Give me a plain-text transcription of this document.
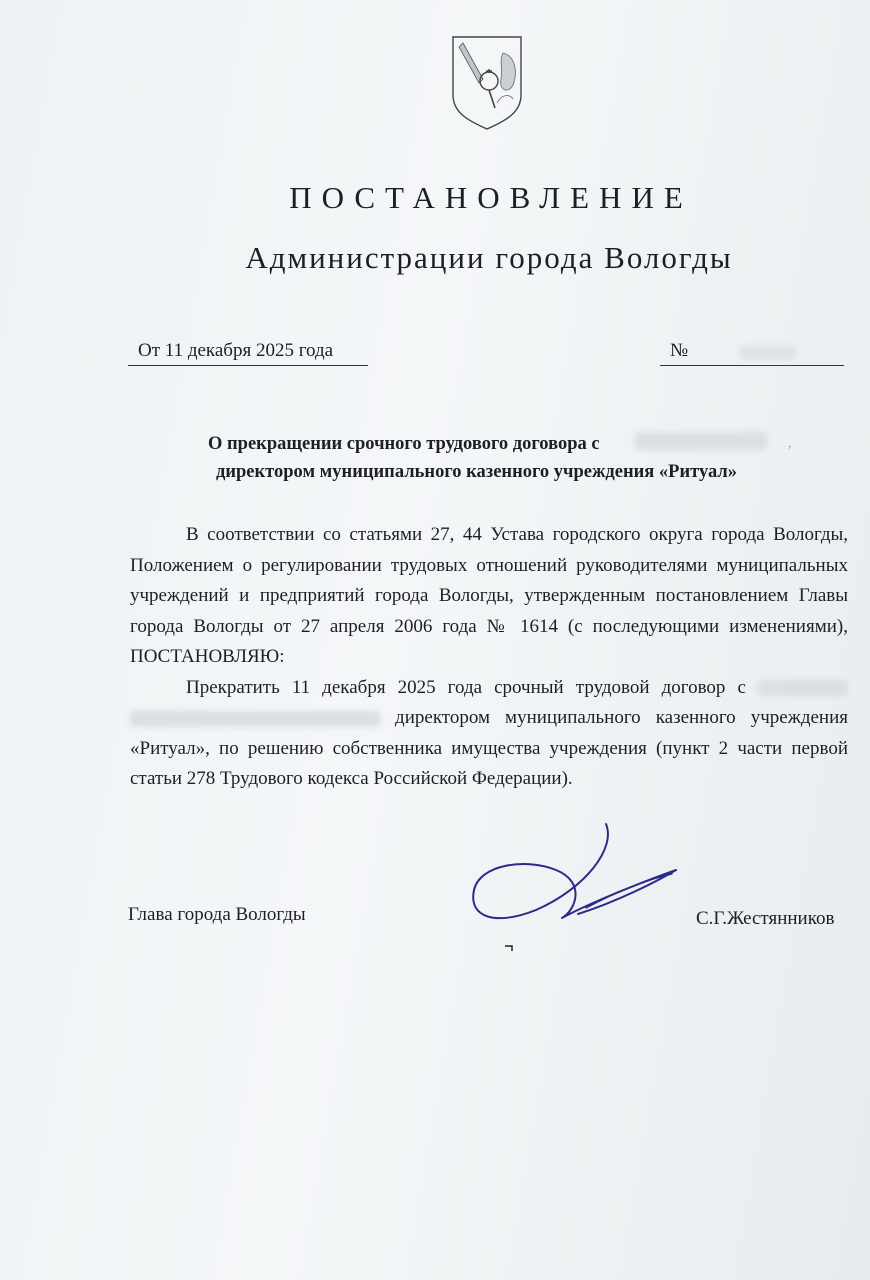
ПОСТАНОВЛЕНИЕ
Администрации города Вологды
От 11 декабря 2025 года	№
О прекращении срочного трудового договора с
директором муниципального казенного учреждения «Ритуал»
,

В соответствии со статьями 27, 44 Устава городского округа города Вологды, Положением о регулировании трудовых отношений руководителями муниципальных учреждений и предприятий города Вологды, утвержденным постановлением Главы города Вологды от 27 апреля 2006 года № 1614 (с последующими изменениями), ПОСТАНОВЛЯЮ:

Прекратить 11 декабря 2025 года срочный трудовой договор с   директором муниципального казенного учреждения «Ритуал», по решению собственника имущества учреждения (пункт 2 части первой статьи 278 Трудового кодекса Российской Федерации).

Глава города Вологды	С.Г.Жестянников
